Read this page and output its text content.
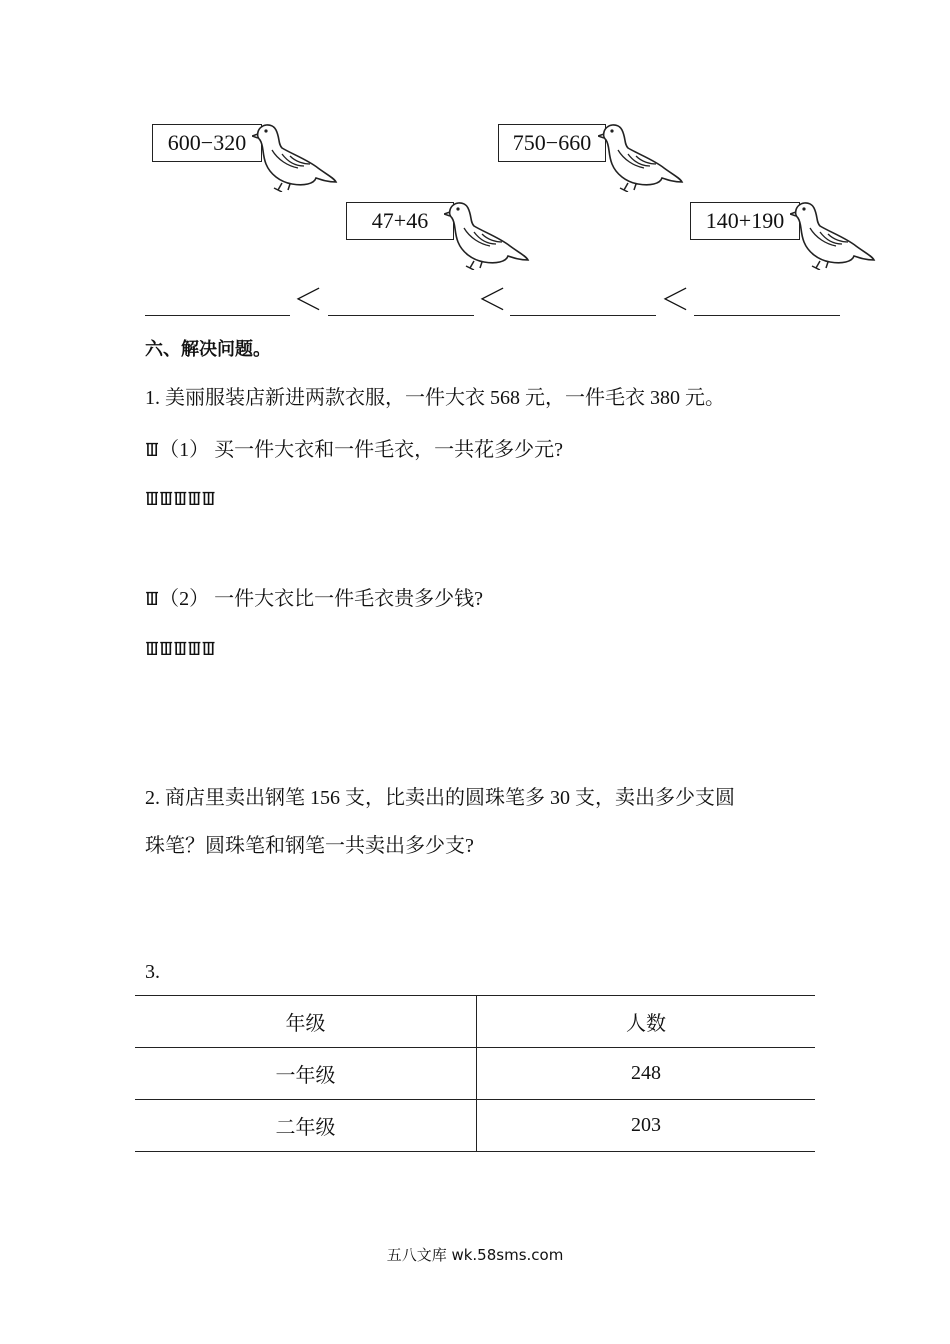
600−320	750−660
47+46	140+190
＜	＜	＜
六、解决问题。
1. 美丽服装店新进两款衣服，一件大衣 568 元，一件毛衣 380 元。
ꯡ（1） 买一件大衣和一件毛衣，一共花多少元?
ꯡꯡꯡꯡꯡ
ꯡ（2） 一件大衣比一件毛衣贵多少钱?
ꯡꯡꯡꯡꯡ
2. 商店里卖出钢笔 156 支，比卖出的圆珠笔多 30 支，卖出多少支圆
珠笔？圆珠笔和钢笔一共卖出多少支?
3.
年级	人数
一年级	248
二年级	203
五八文库 wk.58sms.com
